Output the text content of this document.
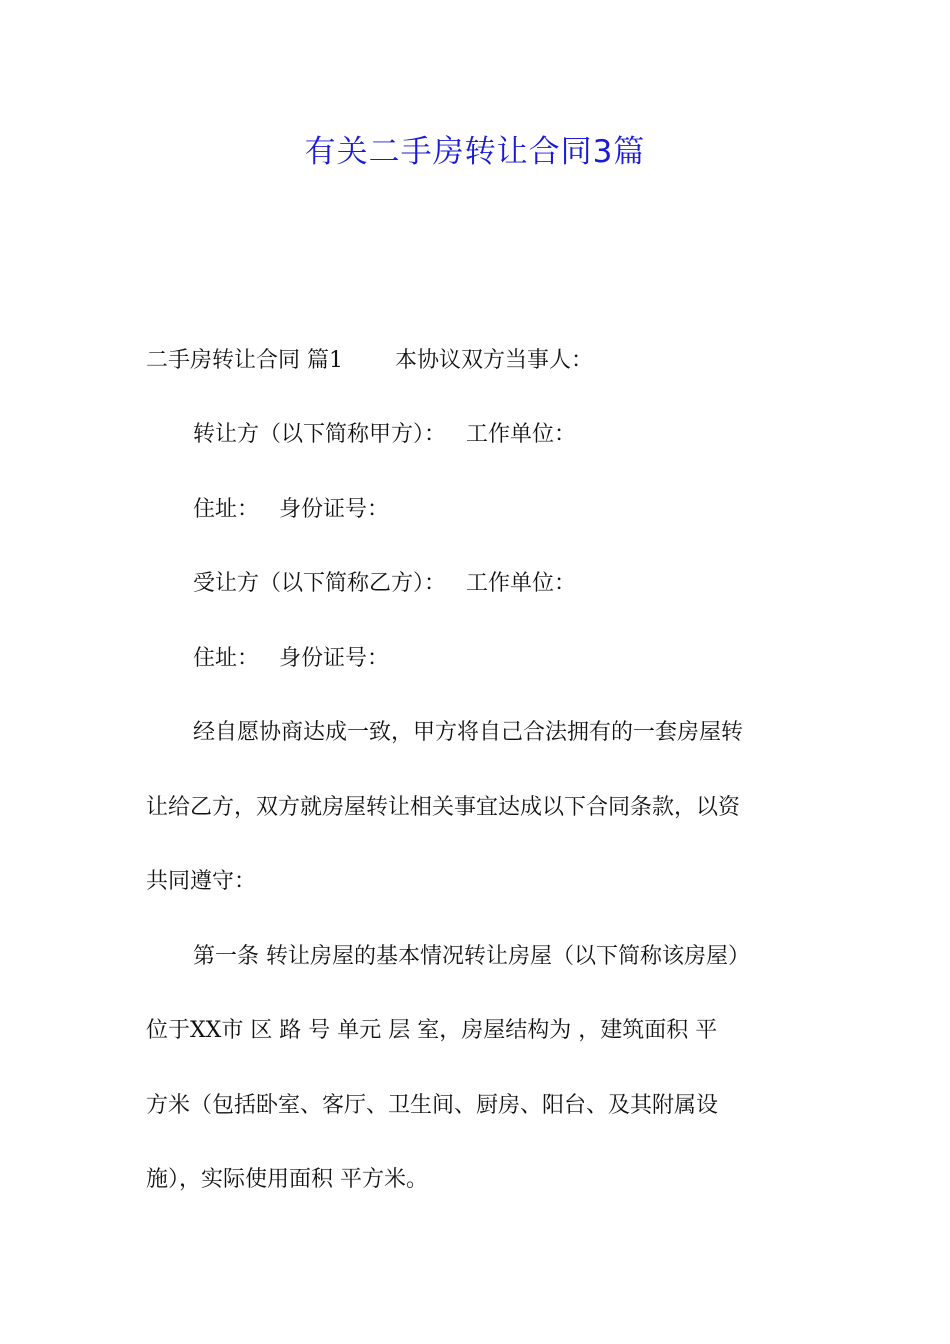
有关二手房转让合同3篇
二手房转让合同 篇1 本协议双方当事人：
转让方（以下简称甲方）： 工作单位：
住址： 身份证号：
受让方（以下简称乙方）： 工作单位：
住址： 身份证号：
经自愿协商达成一致，甲方将自己合法拥有的一套房屋转
让给乙方，双方就房屋转让相关事宜达成以下合同条款，以资
共同遵守：
第一条 转让房屋的基本情况转让房屋（以下简称该房屋）
位于XX市 区 路 号 单元 层 室，房屋结构为 ，建筑面积 平
方米（包括卧室、客厅、卫生间、厨房、阳台、及其附属设
施），实际使用面积 平方米。
